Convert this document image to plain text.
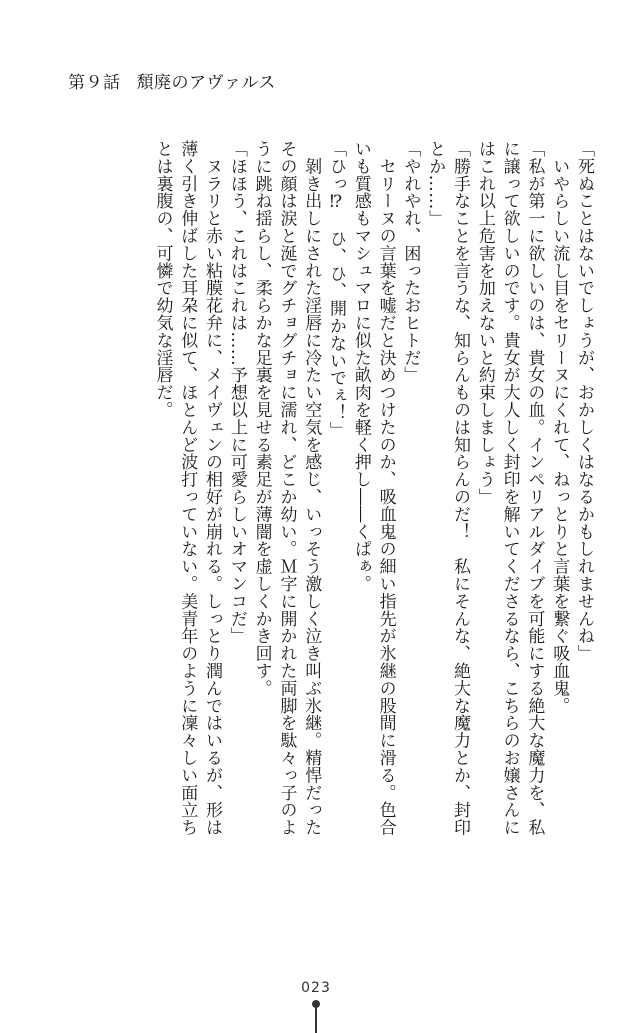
第９話 頽廃のアヴァルス

「死ぬことはないでしょうが、おかしくはなるかもしれませんね」

　いやらしい流し目をセリーヌにくれて、ねっとりと言葉を繋ぐ吸血鬼。

「私が第一に欲しいのは、貴女の血。インペリアルダイブを可能にする絶大な魔力を、私に譲って欲しいのです。貴女が大人しく封印を解いてくださるなら、こちらのお嬢さんにはこれ以上危害を加えないと約束しましょう」

「勝手なことを言うな、知らんものは知らんのだ！　私にそんな、絶大な魔力とか、封印とか……」

「やれやれ、困ったおヒトだ」

　セリーヌの言葉を嘘だと決めつけたのか、吸血鬼の細い指先が氷継の股間に滑る。色合いも質感もマシュマロに似た畝肉を軽く押し――くぱぁ。

「ひっ⁉　ひ、ひ、開かないでぇ！」

　剝き出しにされた淫唇に冷たい空気を感じ、いっそう激しく泣き叫ぶ氷継。精悍だったその顔は涙と涎でグチョグチョに濡れ、どこか幼い。Ｍ字に開かれた両脚を駄々っ子のように跳ね揺らし、柔らかな足裏を見せる素足が薄闇を虚しくかき回す。

「ほほう、これはこれは……予想以上に可愛らしいオマンコだ」

　ヌラリと赤い粘膜花弁に、メイヴェンの相好が崩れる。しっとり潤んではいるが、形は薄く引き伸ばした耳朶に似て、ほとんど波打っていない。美青年のように凜々しい面立ちとは裏腹の、可憐で幼気な淫唇だ。

023
